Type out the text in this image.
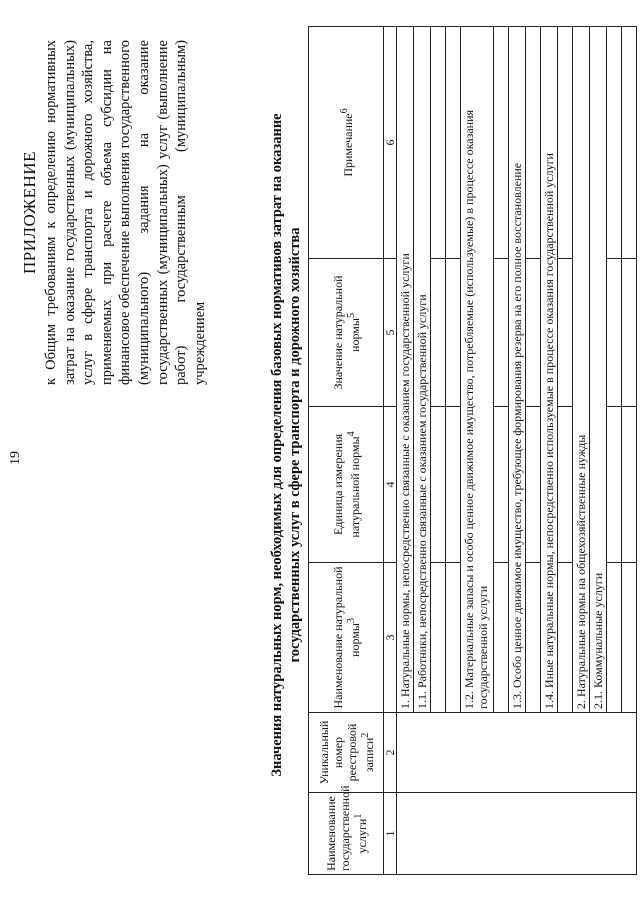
19
ПРИЛОЖЕНИЕ к Общим требованиям к определению нормативных затрат на оказание государственных (муниципальных) услуг в сфере транспорта и дорожного хозяйства, применяемых при расчете объема субсидии на финансовое обеспечение выполнения государственного (муниципального) задания на оказание государственных (муниципальных) услуг (выполнение работ) государственным (муниципальным) учреждением	Значения натуральных норм, необходимых для определения базовых нормативов затрат на оказание государственных услуг в сфере транспорта и дорожного хозяйства
Наименование государственной услуги$^1$	Уникальный номер реестровой записи$^2$	Наименование натуральной нормы$^3$	Единица измерения натуральной нормы$^4$	Значение натуральной нормы$^5$	Примечание$^6$
1	2	3	4	5	6
		1. Натуральные нормы, непосредственно связанные с оказанием государственной услуги			
		1.1. Работники, непосредственно связанные с оказанием государственной услуги			

		1.2. Материальные запасы и особо ценное движимое имущество, потребляемые (используемые) в процессе оказания государственной услуги			

		1.3. Особо ценное движимое имущество, требующее формирования резерва на его полное восстановление			

		1.4. Иные натуральные нормы, непосредственно используемые в процессе оказания государственной услуги			

		2. Натуральные нормы на общехозяйственные нужды			
		2.1. Коммунальные услуги			
